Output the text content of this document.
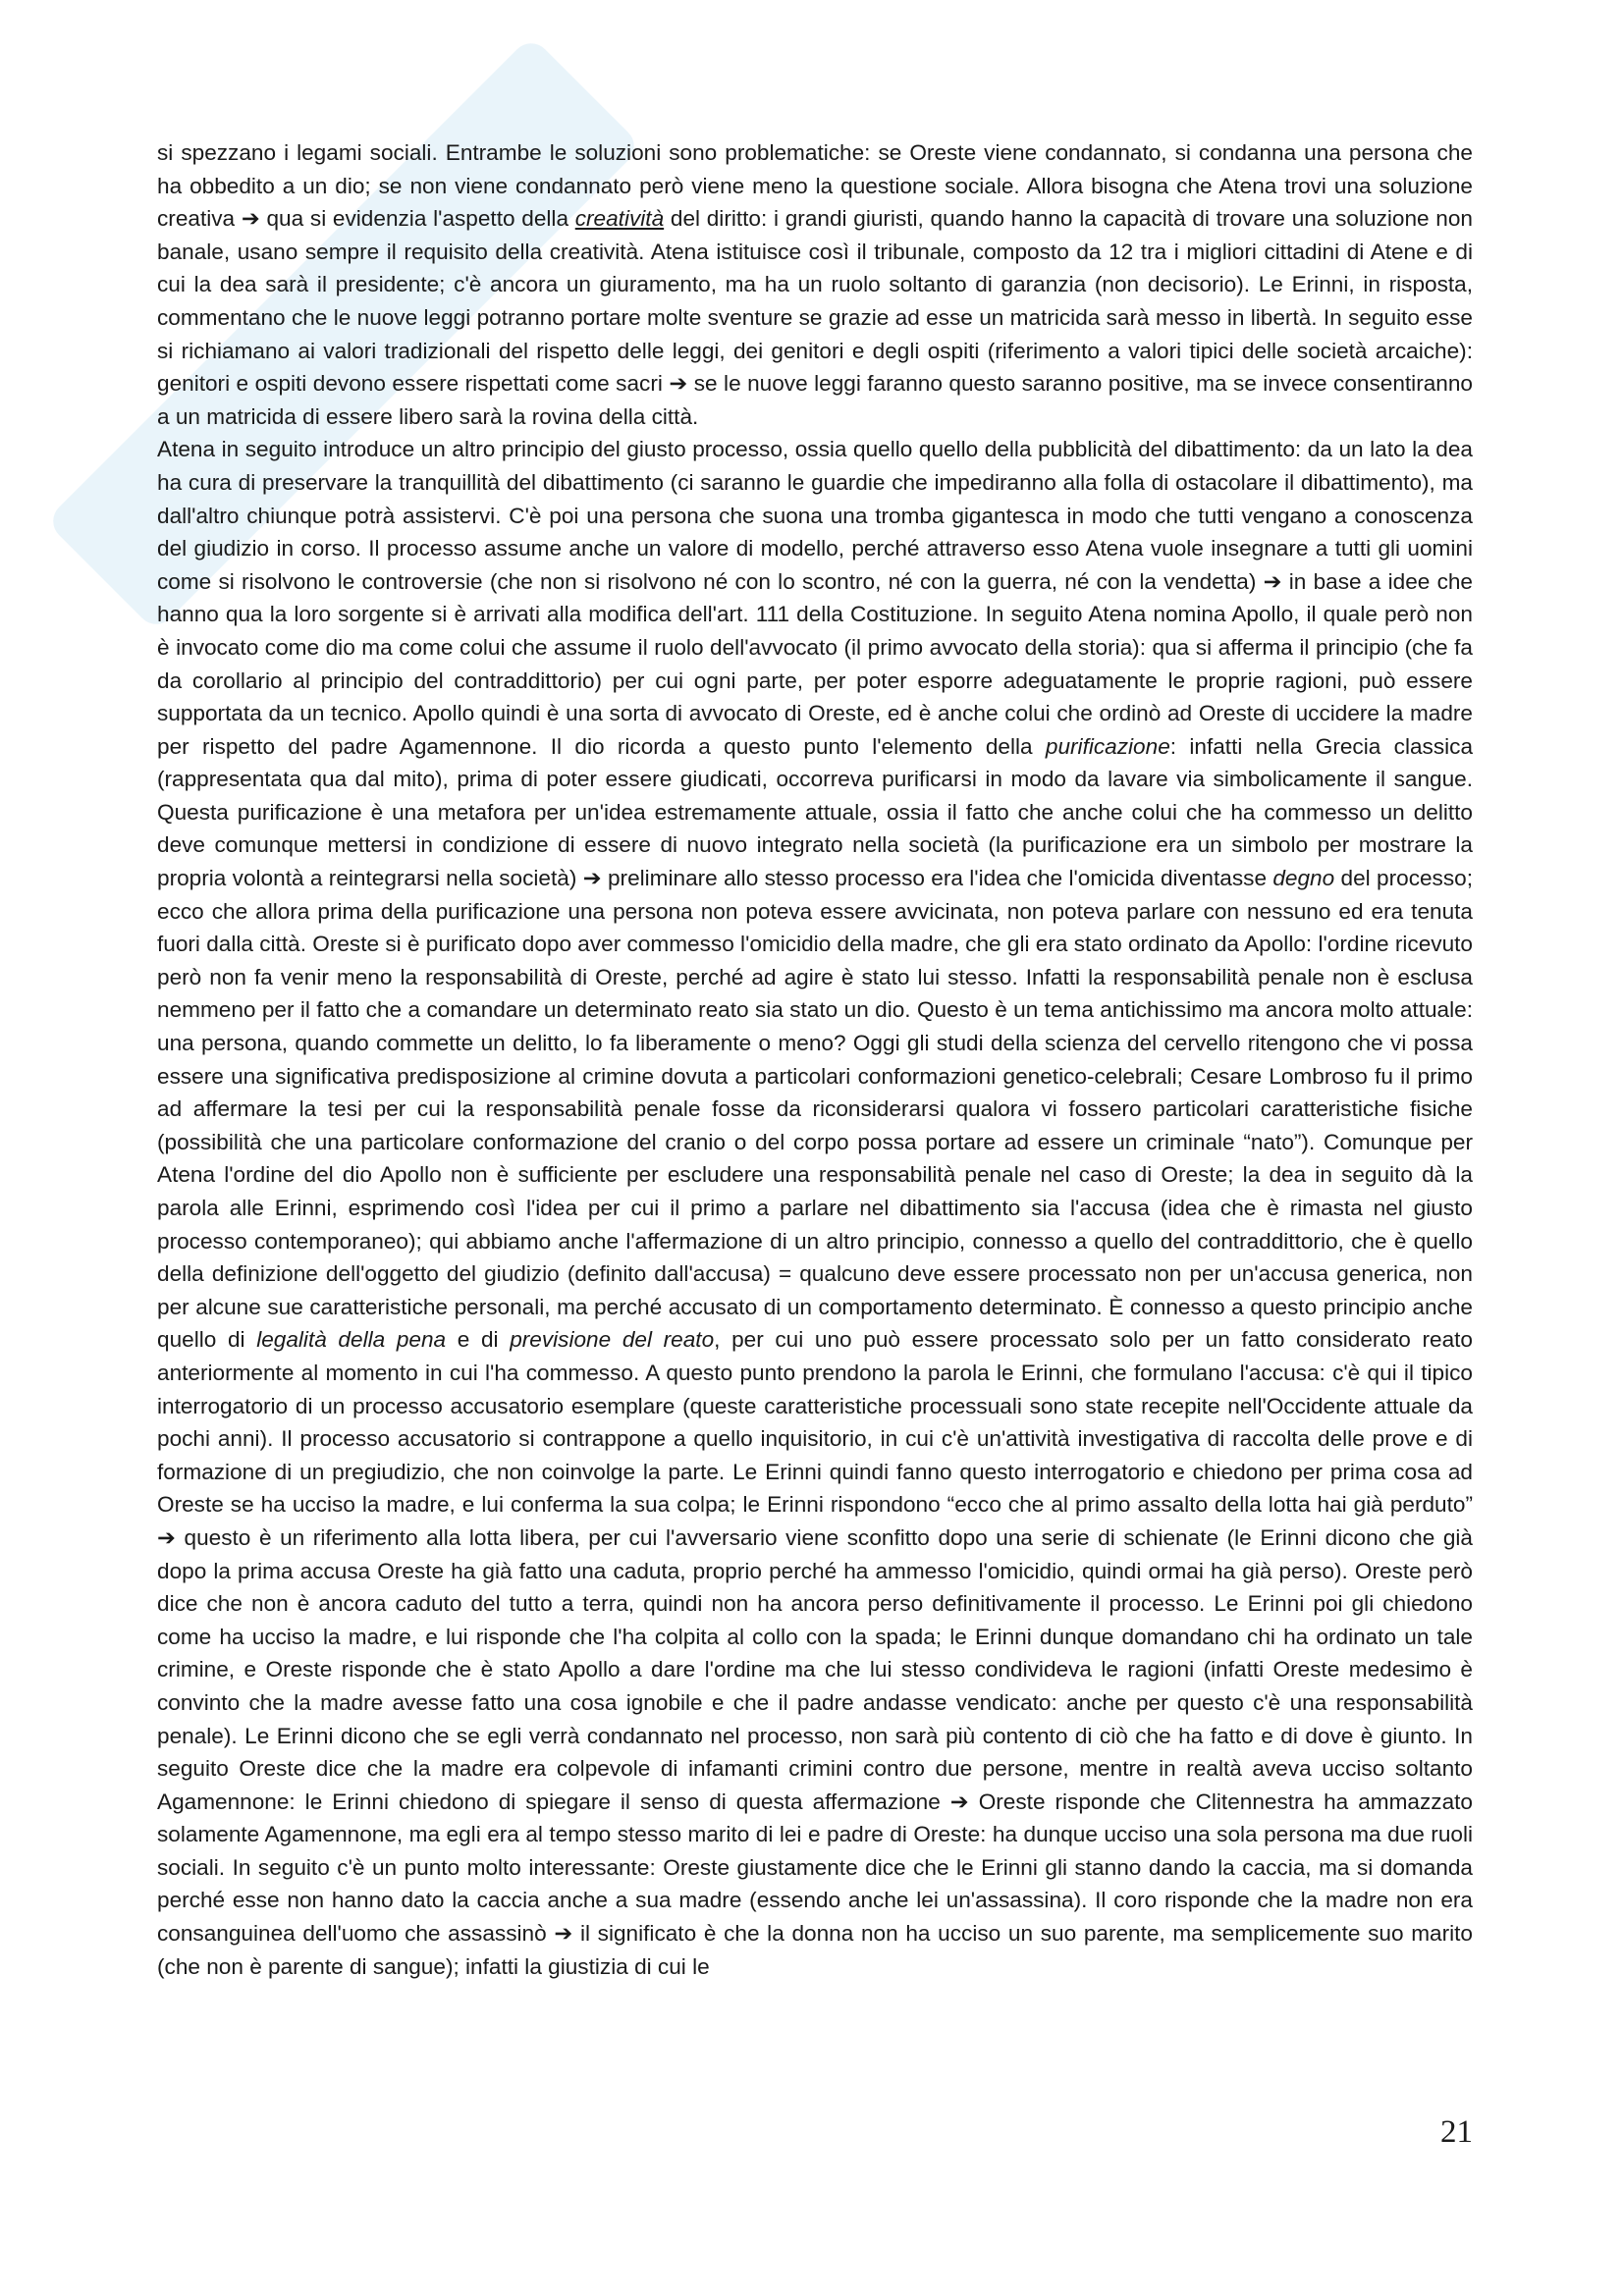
si spezzano i legami sociali. Entrambe le soluzioni sono problematiche: se Oreste viene condannato, si condanna una persona che ha obbedito a un dio; se non viene condannato però viene meno la questione sociale. Allora bisogna che Atena trovi una soluzione creativa ➔ qua si evidenzia l'aspetto della creatività del diritto: i grandi giuristi, quando hanno la capacità di trovare una soluzione non banale, usano sempre il requisito della creatività. Atena istituisce così il tribunale, composto da 12 tra i migliori cittadini di Atene e di cui la dea sarà il presidente; c'è ancora un giuramento, ma ha un ruolo soltanto di garanzia (non decisorio). Le Erinni, in risposta, commentano che le nuove leggi potranno portare molte sventure se grazie ad esse un matricida sarà messo in libertà. In seguito esse si richiamano ai valori tradizionali del rispetto delle leggi, dei genitori e degli ospiti (riferimento a valori tipici delle società arcaiche): genitori e ospiti devono essere rispettati come sacri ➔ se le nuove leggi faranno questo saranno positive, ma se invece consentiranno a un matricida di essere libero sarà la rovina della città.

Atena in seguito introduce un altro principio del giusto processo, ossia quello quello della pubblicità del dibattimento: da un lato la dea ha cura di preservare la tranquillità del dibattimento (ci saranno le guardie che impediranno alla folla di ostacolare il dibattimento), ma dall'altro chiunque potrà assistervi. C'è poi una persona che suona una tromba gigantesca in modo che tutti vengano a conoscenza del giudizio in corso. Il processo assume anche un valore di modello, perché attraverso esso Atena vuole insegnare a tutti gli uomini come si risolvono le controversie (che non si risolvono né con lo scontro, né con la guerra, né con la vendetta) ➔ in base a idee che hanno qua la loro sorgente si è arrivati alla modifica dell'art. 111 della Costituzione. In seguito Atena nomina Apollo, il quale però non è invocato come dio ma come colui che assume il ruolo dell'avvocato (il primo avvocato della storia): qua si afferma il principio (che fa da corollario al principio del contraddittorio) per cui ogni parte, per poter esporre adeguatamente le proprie ragioni, può essere supportata da un tecnico. Apollo quindi è una sorta di avvocato di Oreste, ed è anche colui che ordinò ad Oreste di uccidere la madre per rispetto del padre Agamennone. Il dio ricorda a questo punto l'elemento della purificazione: infatti nella Grecia classica (rappresentata qua dal mito), prima di poter essere giudicati, occorreva purificarsi in modo da lavare via simbolicamente il sangue. Questa purificazione è una metafora per un'idea estremamente attuale, ossia il fatto che anche colui che ha commesso un delitto deve comunque mettersi in condizione di essere di nuovo integrato nella società (la purificazione era un simbolo per mostrare la propria volontà a reintegrarsi nella società) ➔ preliminare allo stesso processo era l'idea che l'omicida diventasse degno del processo; ecco che allora prima della purificazione una persona non poteva essere avvicinata, non poteva parlare con nessuno ed era tenuta fuori dalla città. Oreste si è purificato dopo aver commesso l'omicidio della madre, che gli era stato ordinato da Apollo: l'ordine ricevuto però non fa venir meno la responsabilità di Oreste, perché ad agire è stato lui stesso. Infatti la responsabilità penale non è esclusa nemmeno per il fatto che a comandare un determinato reato sia stato un dio. Questo è un tema antichissimo ma ancora molto attuale: una persona, quando commette un delitto, lo fa liberamente o meno? Oggi gli studi della scienza del cervello ritengono che vi possa essere una significativa predisposizione al crimine dovuta a particolari conformazioni genetico-celebrali; Cesare Lombroso fu il primo ad affermare la tesi per cui la responsabilità penale fosse da riconsiderarsi qualora vi fossero particolari caratteristiche fisiche (possibilità che una particolare conformazione del cranio o del corpo possa portare ad essere un criminale “nato”). Comunque per Atena l'ordine del dio Apollo non è sufficiente per escludere una responsabilità penale nel caso di Oreste; la dea in seguito dà la parola alle Erinni, esprimendo così l'idea per cui il primo a parlare nel dibattimento sia l'accusa (idea che è rimasta nel giusto processo contemporaneo); qui abbiamo anche l'affermazione di un altro principio, connesso a quello del contraddittorio, che è quello della definizione dell'oggetto del giudizio (definito dall'accusa) = qualcuno deve essere processato non per un'accusa generica, non per alcune sue caratteristiche personali, ma perché accusato di un comportamento determinato. È connesso a questo principio anche quello di legalità della pena e di previsione del reato, per cui uno può essere processato solo per un fatto considerato reato anteriormente al momento in cui l'ha commesso. A questo punto prendono la parola le Erinni, che formulano l'accusa: c'è qui il tipico interrogatorio di un processo accusatorio esemplare (queste caratteristiche processuali sono state recepite nell'Occidente attuale da pochi anni). Il processo accusatorio si contrappone a quello inquisitorio, in cui c'è un'attività investigativa di raccolta delle prove e di formazione di un pregiudizio, che non coinvolge la parte. Le Erinni quindi fanno questo interrogatorio e chiedono per prima cosa ad Oreste se ha ucciso la madre, e lui conferma la sua colpa; le Erinni rispondono “ecco che al primo assalto della lotta hai già perduto” ➔ questo è un riferimento alla lotta libera, per cui l'avversario viene sconfitto dopo una serie di schienate (le Erinni dicono che già dopo la prima accusa Oreste ha già fatto una caduta, proprio perché ha ammesso l'omicidio, quindi ormai ha già perso). Oreste però dice che non è ancora caduto del tutto a terra, quindi non ha ancora perso definitivamente il processo. Le Erinni poi gli chiedono come ha ucciso la madre, e lui risponde che l'ha colpita al collo con la spada; le Erinni dunque domandano chi ha ordinato un tale crimine, e Oreste risponde che è stato Apollo a dare l'ordine ma che lui stesso condivideva le ragioni (infatti Oreste medesimo è convinto che la madre avesse fatto una cosa ignobile e che il padre andasse vendicato: anche per questo c'è una responsabilità penale). Le Erinni dicono che se egli verrà condannato nel processo, non sarà più contento di ciò che ha fatto e di dove è giunto. In seguito Oreste dice che la madre era colpevole di infamanti crimini contro due persone, mentre in realtà aveva ucciso soltanto Agamennone: le Erinni chiedono di spiegare il senso di questa affermazione ➔ Oreste risponde che Clitennestra ha ammazzato solamente Agamennone, ma egli era al tempo stesso marito di lei e padre di Oreste: ha dunque ucciso una sola persona ma due ruoli sociali. In seguito c'è un punto molto interessante: Oreste giustamente dice che le Erinni gli stanno dando la caccia, ma si domanda perché esse non hanno dato la caccia anche a sua madre (essendo anche lei un'assassina). Il coro risponde che la madre non era consanguinea dell'uomo che assassinò ➔ il significato è che la donna non ha ucciso un suo parente, ma semplicemente suo marito (che non è parente di sangue); infatti la giustizia di cui le

21
